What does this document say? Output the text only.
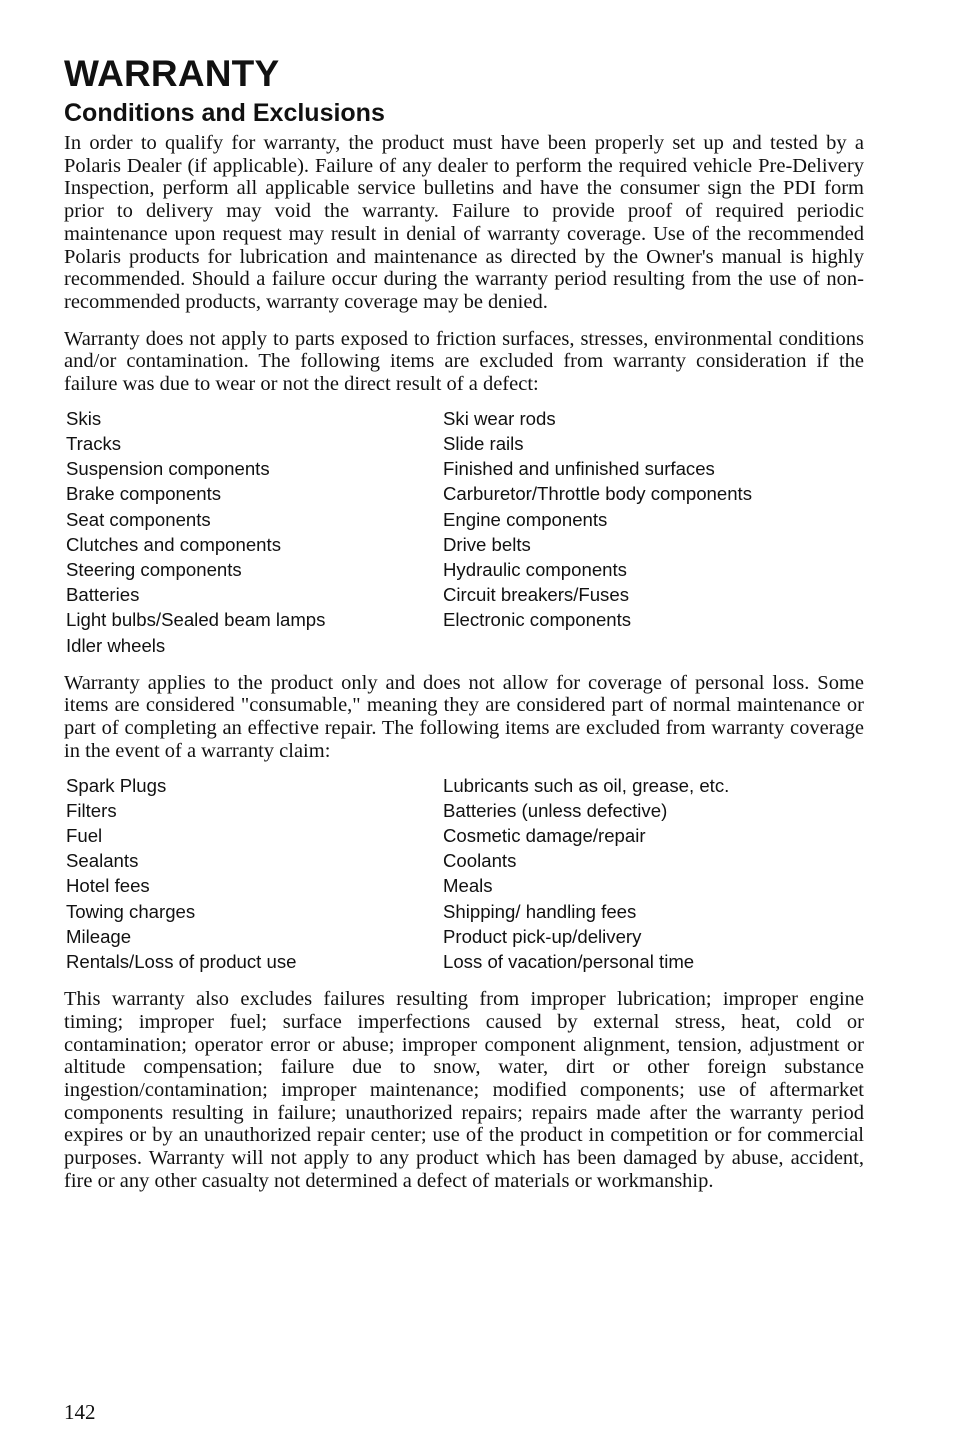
WARRANTY
Conditions and Exclusions

In order to qualify for warranty, the product must have been properly set up and tested by a Polaris Dealer (if applicable). Failure of any dealer to perform the required vehicle Pre-Delivery Inspection, perform all applicable service bulletins and have the consumer sign the PDI form prior to delivery may void the warranty. Failure to provide proof of required periodic maintenance upon request may result in denial of warranty coverage. Use of the recommended Polaris products for lubrication and maintenance as directed by the Owner's manual is highly recommended. Should a failure occur during the warranty period resulting from the use of non-recommended products, warranty coverage may be denied.

Warranty does not apply to parts exposed to friction surfaces, stresses, environmental conditions and/or contamination. The following items are excluded from warranty consideration if the failure was due to wear or not the direct result of a defect:

Skis	Ski wear rods
Tracks	Slide rails
Suspension components	Finished and unfinished surfaces
Brake components	Carburetor/Throttle body components
Seat components	Engine components
Clutches and components	Drive belts
Steering components	Hydraulic components
Batteries	Circuit breakers/Fuses
Light bulbs/Sealed beam lamps	Electronic components
Idler wheels

Warranty applies to the product only and does not allow for coverage of personal loss. Some items are considered "consumable," meaning they are considered part of normal maintenance or part of completing an effective repair. The following items are excluded from warranty coverage in the event of a warranty claim:

Spark Plugs	Lubricants such as oil, grease, etc.
Filters	Batteries (unless defective)
Fuel	Cosmetic damage/repair
Sealants	Coolants
Hotel fees	Meals
Towing charges	Shipping/ handling fees
Mileage	Product pick-up/delivery
Rentals/Loss of product use	Loss of vacation/personal time

This warranty also excludes failures resulting from improper lubrication; improper engine timing; improper fuel; surface imperfections caused by external stress, heat, cold or contamination; operator error or abuse; improper component alignment, tension, adjustment or altitude compensation; failure due to snow, water, dirt or other foreign substance ingestion/contamination; improper maintenance; modified components; use of aftermarket components resulting in failure; unauthorized repairs; repairs made after the warranty period expires or by an unauthorized repair center; use of the product in competition or for commercial purposes. Warranty will not apply to any product which has been damaged by abuse, accident, fire or any other casualty not determined a defect of materials or workmanship.

142
